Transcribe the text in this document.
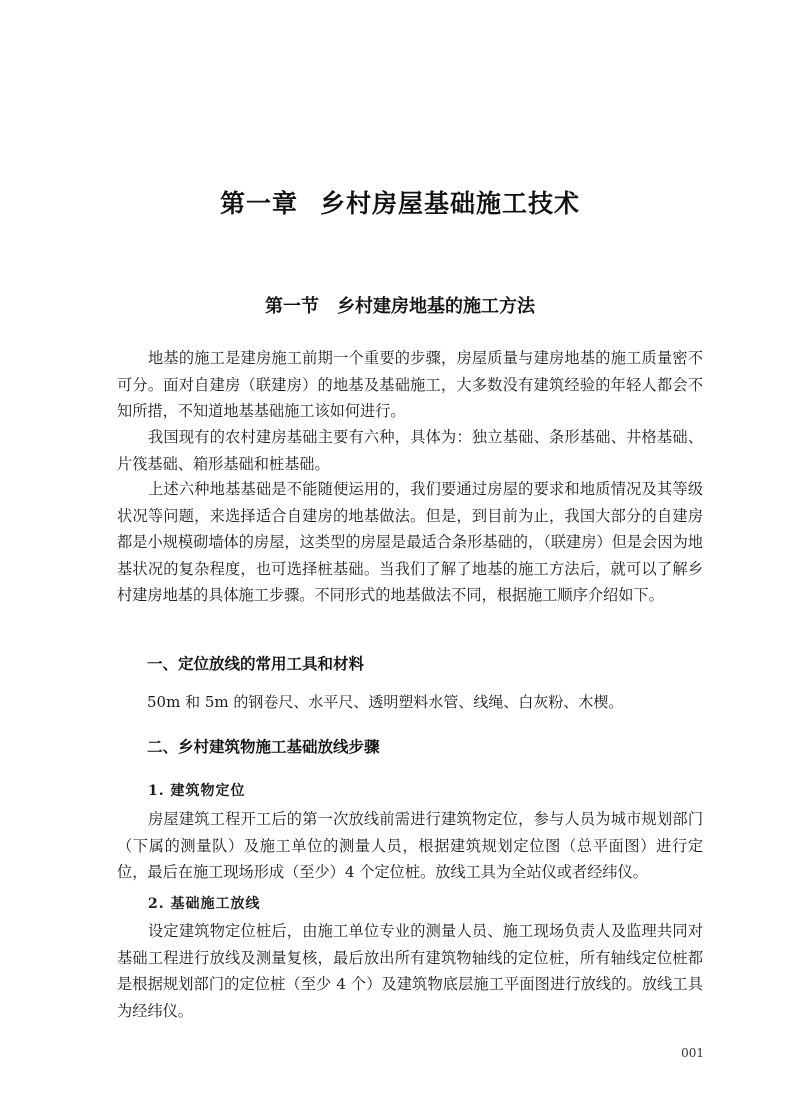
第一章 乡村房屋基础施工技术
第一节 乡村建房地基的施工方法

地基的施工是建房施工前期一个重要的步骤，房屋质量与建房地基的施工质量密不可分。面对自建房（联建房）的地基及基础施工，大多数没有建筑经验的年轻人都会不知所措，不知道地基基础施工该如何进行。

我国现有的农村建房基础主要有六种，具体为：独立基础、条形基础、井格基础、片筏基础、箱形基础和桩基础。

上述六种地基基础是不能随便运用的，我们要通过房屋的要求和地质情况及其等级状况等问题，来选择适合自建房的地基做法。但是，到目前为止，我国大部分的自建房都是小规模砌墙体的房屋，这类型的房屋是最适合条形基础的，（联建房）但是会因为地基状况的复杂程度，也可选择桩基础。当我们了解了地基的施工方法后，就可以了解乡村建房地基的具体施工步骤。不同形式的地基做法不同，根据施工顺序介绍如下。

一、定位放线的常用工具和材料

50m 和 5m 的钢卷尺、水平尺、透明塑料水管、线绳、白灰粉、木楔。

二、乡村建筑物施工基础放线步骤
1. 建筑物定位

房屋建筑工程开工后的第一次放线前需进行建筑物定位，参与人员为城市规划部门（下属的测量队）及施工单位的测量人员，根据建筑规划定位图（总平面图）进行定位，最后在施工现场形成（至少）4 个定位桩。放线工具为全站仪或者经纬仪。

2. 基础施工放线

设定建筑物定位桩后，由施工单位专业的测量人员、施工现场负责人及监理共同对基础工程进行放线及测量复核，最后放出所有建筑物轴线的定位桩，所有轴线定位桩都是根据规划部门的定位桩（至少 4 个）及建筑物底层施工平面图进行放线的。放线工具为经纬仪。

001
